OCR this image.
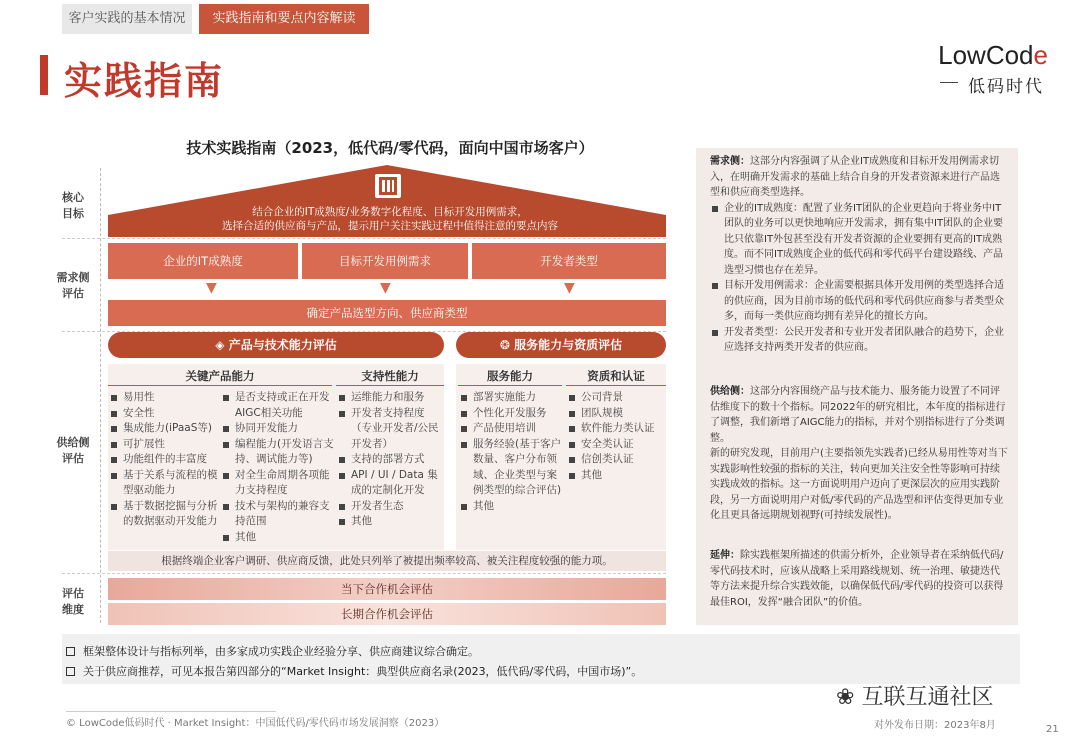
客户实践的基本情况	实践指南和要点内容解读
实践指南
LowCode
低码时代
技术实践指南（2023，低代码/零代码，面向中国市场客户）
核心
目标
需求侧
评估
供给侧
评估
评估
维度
结合企业的IT成熟度/业务数字化程度、目标开发用例需求，
选择合适的供应商与产品，提示用户关注实践过程中值得注意的要点内容
企业的IT成熟度	目标开发用例需求	开发者类型
▼	▼	▼
确定产品选型方向、供应商类型
◈ 产品与技术能力评估	❂ 服务能力与资质评估
关键产品能力	支持性能力	服务能力	资质和认证
易用性
安全性
集成能力(iPaaS等)
可扩展性
功能组件的丰富度
基于关系与流程的模型驱动能力
基于数据挖掘与分析的数据驱动开发能力
是否支持或正在开发AIGC相关功能
协同开发能力
编程能力(开发语言支持、调试能力等)
对全生命周期各项能力支持程度
技术与架构的兼容支持范围
其他
运维能力和服务
开发者支持程度（专业开发者/公民开发者）
支持的部署方式
API / UI / Data 集成的定制化开发
开发者生态
其他
部署实施能力
个性化开发服务
产品使用培训
服务经验(基于客户数量、客户分布领域、企业类型与案例类型的综合评估)
其他
公司背景
团队规模
软件能力类认证
安全类认证
信创类认证
其他
根据终端企业客户调研、供应商反馈，此处只列举了被提出频率较高、被关注程度较强的能力项。
当下合作机会评估
长期合作机会评估
需求侧：这部分内容强调了从企业IT成熟度和目标开发用例需求切入，在明确开发需求的基础上结合自身的开发者资源来进行产品选型和供应商类型选择。
企业的IT成熟度：配置了业务IT团队的企业更趋向于将业务中IT团队的业务可以更快地响应开发需求，拥有集中IT团队的企业要比只依靠IT外包甚至没有开发者资源的企业要拥有更高的IT成熟度。而不同IT成熟度企业的低代码和零代码平台建设路线、产品选型习惯也存在差异。
目标开发用例需求：企业需要根据具体开发用例的类型选择合适的供应商，因为目前市场的低代码和零代码供应商参与者类型众多，而每一类供应商均拥有差异化的擅长方向。
开发者类型：公民开发者和专业开发者团队融合的趋势下，企业应选择支持两类开发者的供应商。
供给侧：这部分内容围绕产品与技术能力、服务能力设置了不同评估维度下的数十个指标。同2022年的研究相比，本年度的指标进行了调整，我们新增了AIGC能力的指标，并对个别指标进行了分类调整。
新的研究发现，目前用户(主要指领先实践者)已经从易用性等对当下实践影响性较强的指标的关注，转向更加关注安全性等影响可持续实践成效的指标。这一方面说明用户迈向了更深层次的应用实践阶段，另一方面说明用户对低/零代码的产品选型和评估变得更加专业化且更具备远期规划视野(可持续发展性)。
延伸：除实践框架所描述的供需分析外，企业领导者在采纳低代码/零代码技术时，应该从战略上采用路线规划、统一治理、敏捷迭代等方法来提升综合实践效能，以确保低代码/零代码的投资可以获得最佳ROI，发挥“融合团队”的价值。
框架整体设计与指标列举，由多家成功实践企业经验分享、供应商建议综合确定。
关于供应商推荐，可见本报告第四部分的“Market Insight：典型供应商名录(2023，低代码/零代码，中国市场)”。
© LowCode低码时代 · Market Insight：中国低代码/零代码市场发展洞察（2023）
❀ 互联互通社区
对外发布日期：2023年8月	21
